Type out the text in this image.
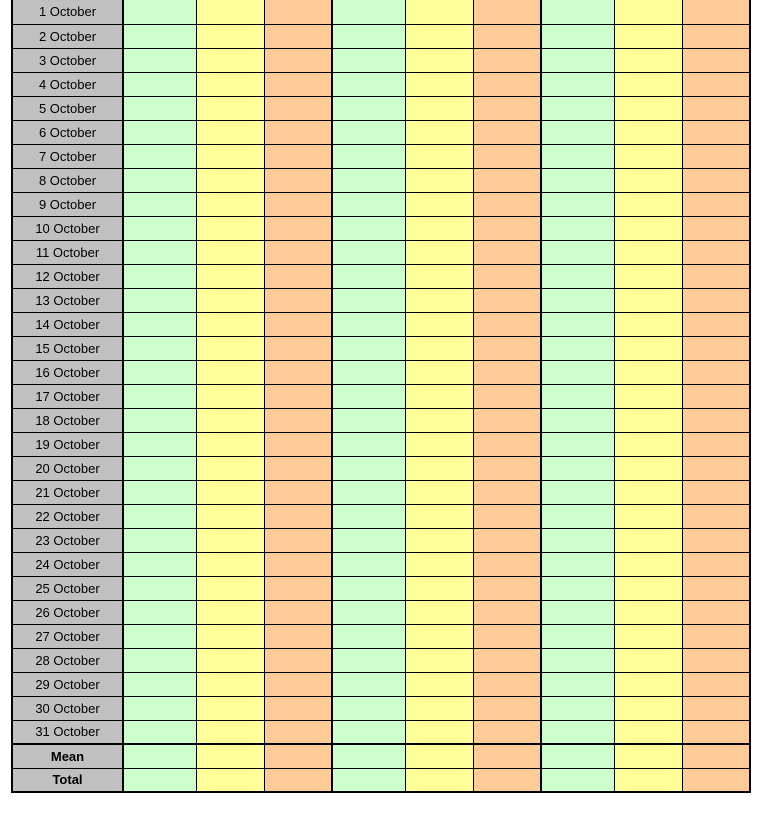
1 October									
2 October									
3 October									
4 October									
5 October									
6 October									
7 October									
8 October									
9 October									
10 October									
11 October									
12 October									
13 October									
14 October									
15 October									
16 October									
17 October									
18 October									
19 October									
20 October									
21 October									
22 October									
23 October									
24 October									
25 October									
26 October									
27 October									
28 October									
29 October									
30 October									
31 October									
Mean									
Total									
